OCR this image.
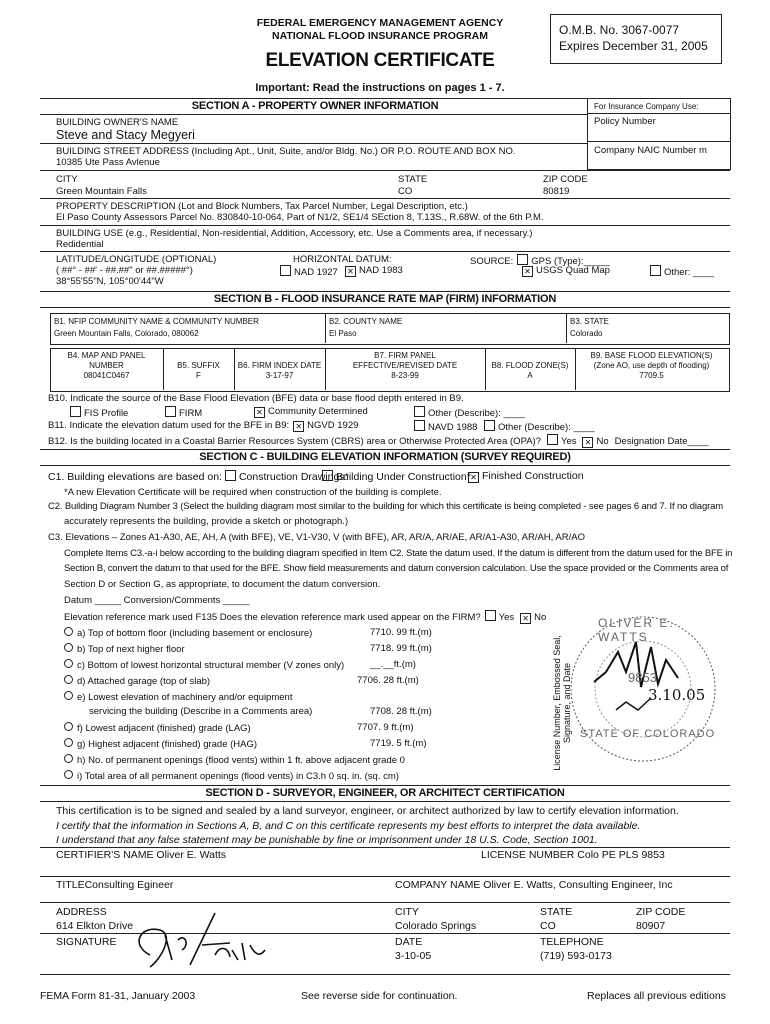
FEDERAL EMERGENCY MANAGEMENT AGENCY
NATIONAL FLOOD INSURANCE PROGRAM
ELEVATION CERTIFICATE
Important: Read the instructions on pages 1 - 7.
O.M.B. No. 3067-0077
Expires December 31, 2005
SECTION A - PROPERTY OWNER INFORMATION	For Insurance Company Use:
Policy Number
Company NAIC Number m
BUILDING OWNER'S NAME
Steve and Stacy Megyeri
BUILDING STREET ADDRESS (Including Apt., Unit, Suite, and/or Bldg. No.) OR P.O. ROUTE AND BOX NO.
10385 Ute Pass Avlenue
CITY
Green Mountain Falls
STATE
CO
ZIP CODE
80819
PROPERTY DESCRIPTION (Lot and Block Numbers, Tax Parcel Number, Legal Description, etc.)
El Paso County Assessors Parcel No. 830840-10-064, Part of N1/2, SE1/4 SEction 8, T.13S., R.68W. of the 6th P.M.
BUILDING USE (e.g., Residential, Non-residential, Addition, Accessory, etc. Use a Comments area, if necessary.)
Redidential
LATITUDE/LONGITUDE (OPTIONAL)
( ##° - ##' - ##.##" or ##.#####°)
38°55'55"N, 105°00'44"W
HORIZONTAL DATUM:
NAD 1927 ✕ NAD 1983
SOURCE: GPS (Type):_____
✕ USGS Quad Map	Other: ____
SECTION B - FLOOD INSURANCE RATE MAP (FIRM) INFORMATION
B1. NFIP COMMUNITY NAME & COMMUNITY NUMBER
Green Mountain Falls, Colorado, 080062
B2. COUNTY NAME
El Paso
B3. STATE
Colorado
B4. MAP AND PANEL
NUMBER
08041C0467
B5. SUFFIX
F
B6. FIRM INDEX DATE
3-17-97
B7. FIRM PANEL
EFFECTIVE/REVISED DATE
8-23-99
B8. FLOOD ZONE(S)
A
B9. BASE FLOOD ELEVATION(S)
(Zone AO, use depth of flooding)
7709.5
B10. Indicate the source of the Base Flood Elevation (BFE) data or base flood depth entered in B9.
FIS Profile	FIRM	✕ Community Determined	Other (Describe): ____
B11. Indicate the elevation datum used for the BFE in B9: ✕ NGVD 1929	NAVD 1988	Other (Describe): ____
B12. Is the building located in a Coastal Barrier Resources System (CBRS) area or Otherwise Protected Area (OPA)? Yes ✕ No Designation Date____
SECTION C - BUILDING ELEVATION INFORMATION (SURVEY REQUIRED)
C1. Building elevations are based on: Construction Drawings*
Building Under Construction* ✕ Finished Construction
*A new Elevation Certificate will be required when construction of the building is complete.
C2. Building Diagram Number 3 (Select the building diagram most similar to the building for which this certificate is being completed - see pages 6 and 7. If no diagram
accurately represents the building, provide a sketch or photograph.)
C3. Elevations – Zones A1-A30, AE, AH, A (with BFE), VE, V1-V30, V (with BFE), AR, AR/A, AR/AE, AR/A1-A30, AR/AH, AR/AO
Complete Items C3.-a-i below according to the building diagram specified in Item C2. State the datum used. If the datum is different from the datum used for the BFE in
Section B, convert the datum to that used for the BFE. Show field measurements and datum conversion calculation. Use the space provided or the Comments area of
Section D or Section G, as appropriate, to document the datum conversion.
Datum _____ Conversion/Comments _____
Elevation reference mark used F135 Does the elevation reference mark used appear on the FIRM? Yes ✕ No
a) Top of bottom floor (including basement or enclosure)	7710. 99 ft.(m)
b) Top of next higher floor	7718. 99 ft.(m)
c) Bottom of lowest horizontal structural member (V zones only)	__.__ft.(m)
d) Attached garage (top of slab)	7706. 28 ft.(m)
e) Lowest elevation of machinery and/or equipment
servicing the building (Describe in a Comments area)	7708. 28 ft.(m)
f) Lowest adjacent (finished) grade (LAG)	7707. 9 ft.(m)
g) Highest adjacent (finished) grade (HAG)	7719. 5 ft.(m)
h) No. of permanent openings (flood vents) within 1 ft. above adjacent grade 0
i) Total area of all permanent openings (flood vents) in C3.h 0 sq. in. (sq. cm)
License Number, Embossed Seal, Signature, and Date
OLIVER E. WATTS
9853
3.10.05
STATE OF COLORADO
SECTION D - SURVEYOR, ENGINEER, OR ARCHITECT CERTIFICATION
This certification is to be signed and sealed by a land surveyor, engineer, or architect authorized by law to certify elevation information.
I certify that the information in Sections A, B, and C on this certificate represents my best efforts to interpret the data available.
I understand that any false statement may be punishable by fine or imprisonment under 18 U.S. Code, Section 1001.
CERTIFIER'S NAME Oliver E. Watts	LICENSE NUMBER Colo PE PLS 9853
TITLEConsulting Egineer	COMPANY NAME Oliver E. Watts, Consulting Engineer, Inc
ADDRESS
614 Elkton Drive
CITY
Colorado Springs
STATE
CO
ZIP CODE
80907
SIGNATURE	DATE
3-10-05
TELEPHONE
(719) 593-0173
FEMA Form 81-31, January 2003	See reverse side for continuation.	Replaces all previous editions
